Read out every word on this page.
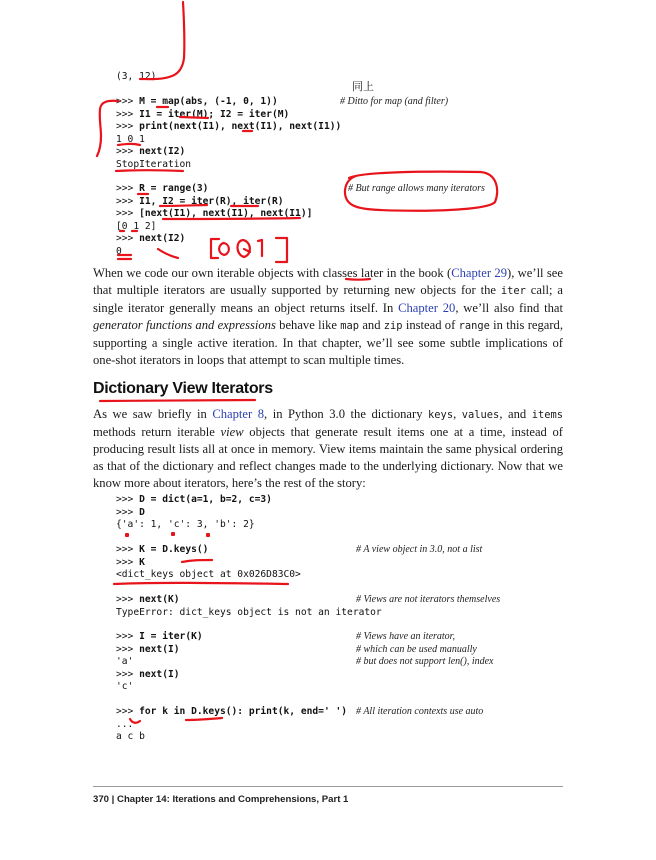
(3, 12)
>>> M = map(abs, (-1, 0, 1))
>>> I1 = iter(M); I2 = iter(M)
>>> print(next(I1), next(I1), next(I1))
1 0 1
>>> next(I2)
StopIteration
# Ditto for map (and filter)
同上
>>> R = range(3)
>>> I1, I2 = iter(R), iter(R)
>>> [next(I1), next(I1), next(I1)]
[0 1 2]
>>> next(I2)
0
# But range allows many iterators
When we code our own iterable objects with classes later in the book (Chapter 29), we’ll see that multiple iterators are usually supported by returning new objects for the iter call; a single iterator generally means an object returns itself. In Chapter 20, we’ll also find that generator functions and expressions behave like map and zip instead of range in this regard, supporting a single active iteration. In that chapter, we’ll see some subtle implications of one-shot iterators in loops that attempt to scan multiple times.
Dictionary View Iterators
As we saw briefly in Chapter 8, in Python 3.0 the dictionary keys, values, and items methods return iterable view objects that generate result items one at a time, instead of producing result lists all at once in memory. View items maintain the same physical ordering as that of the dictionary and reflect changes made to the underlying dictionary. Now that we know more about iterators, here’s the rest of the story:
>>> D = dict(a=1, b=2, c=3)
>>> D
{'a': 1, 'c': 3, 'b': 2}
>>> K = D.keys()
>>> K
<dict_keys object at 0x026D83C0>
>>> next(K)
TypeError: dict_keys object is not an iterator
>>> I = iter(K)
>>> next(I)
'a'
>>> next(I)
'c'
>>> for k in D.keys(): print(k, end=' ')
...
a c b
# A view object in 3.0, not a list
# Views are not iterators themselves
# Views have an iterator,
# which can be used manually
# but does not support len(), index
# All iteration contexts use auto
370 | Chapter 14: Iterations and Comprehensions, Part 1
[0,0,1]
